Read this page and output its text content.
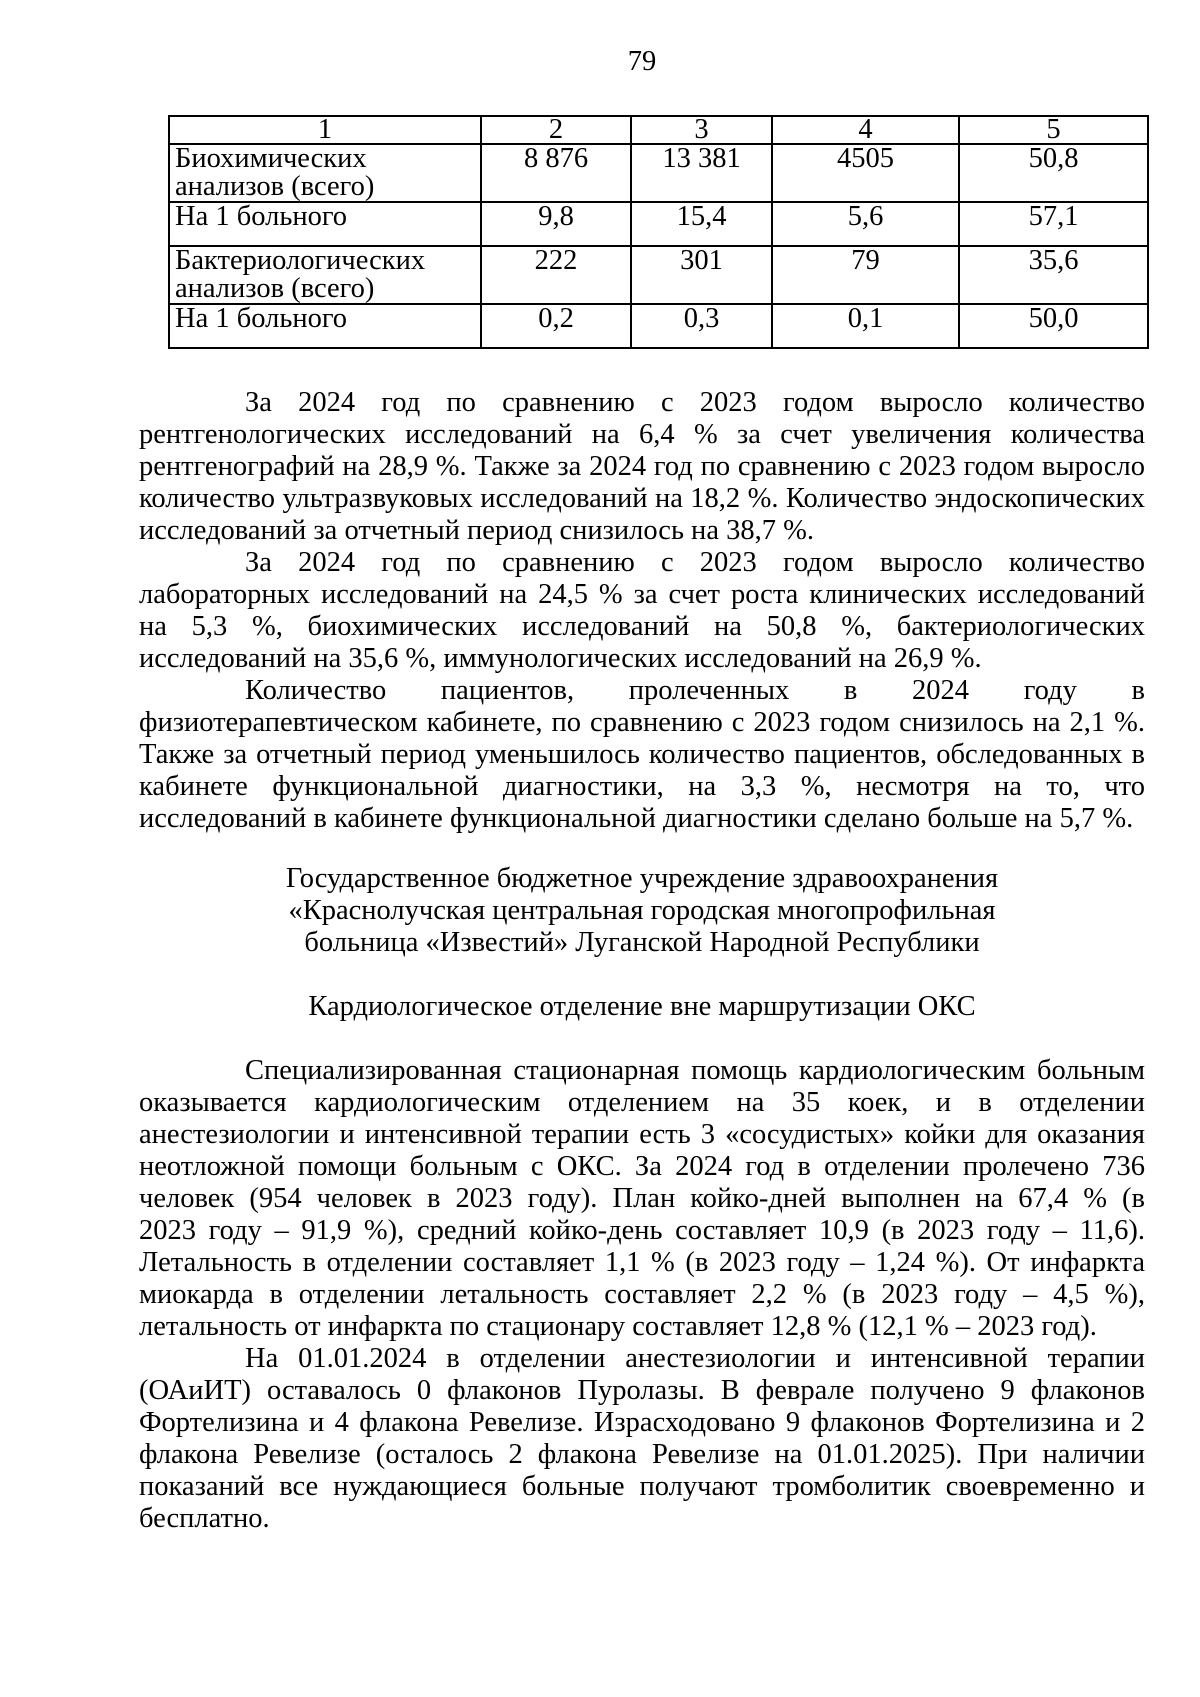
79
1	2	3	4	5
Биохимических анализов (всего)	8 876	13 381	4505	50,8
На 1 больного	9,8	15,4	5,6	57,1
Бактериологических анализов (всего)	222	301	79	35,6
На 1 больного	0,2	0,3	0,1	50,0

За 2024 год по сравнению с 2023 годом выросло количество рентгенологических исследований на 6,4 % за счет увеличения количества рентгенографий на 28,9 %. Также за 2024 год по сравнению с 2023 годом выросло количество ультразвуковых исследований на 18,2 %. Количество эндоскопических исследований за отчетный период снизилось на 38,7 %.

За 2024 год по сравнению с 2023 годом выросло количество лабораторных исследований на 24,5 % за счет роста клинических исследований на 5,3 %, биохимических исследований на 50,8 %, бактериологических исследований на 35,6 %, иммунологических исследований на 26,9 %.

Количество пациентов, пролеченных в 2024 году в физиотерапевтическом кабинете, по сравнению с 2023 годом снизилось на 2,1 %. Также за отчетный период уменьшилось количество пациентов, обследованных в кабинете функциональной диагностики, на 3,3 %, несмотря на то, что исследований в кабинете функциональной диагностики сделано больше на 5,7 %.

Государственное бюджетное учреждение здравоохранения
«Краснолучская центральная городская многопрофильная
больница «Известий» Луганской Народной Республики
Кардиологическое отделение вне маршрутизации ОКС

Специализированная стационарная помощь кардиологическим больным оказывается кардиологическим отделением на 35 коек, и в отделении анестезиологии и интенсивной терапии есть 3 «сосудистых» койки для оказания неотложной помощи больным с ОКС. За 2024 год в отделении пролечено 736 человек (954 человек в 2023 году). План койко-дней выполнен на 67,4 % (в 2023 году – 91,9 %), средний койко-день составляет 10,9 (в 2023 году – 11,6). Летальность в отделении составляет 1,1 % (в 2023 году – 1,24 %). От инфаркта миокарда в отделении летальность составляет 2,2 % (в 2023 году – 4,5 %), летальность от инфаркта по стационару составляет 12,8 % (12,1 % – 2023 год).

На 01.01.2024 в отделении анестезиологии и интенсивной терапии (ОАиИТ) оставалось 0 флаконов Пуролазы. В феврале получено 9 флаконов Фортелизина и 4 флакона Ревелизе. Израсходовано 9 флаконов Фортелизина и 2 флакона Ревелизе (осталось 2 флакона Ревелизе на 01.01.2025). При наличии показаний все нуждающиеся больные получают тромболитик своевременно и бесплатно.
